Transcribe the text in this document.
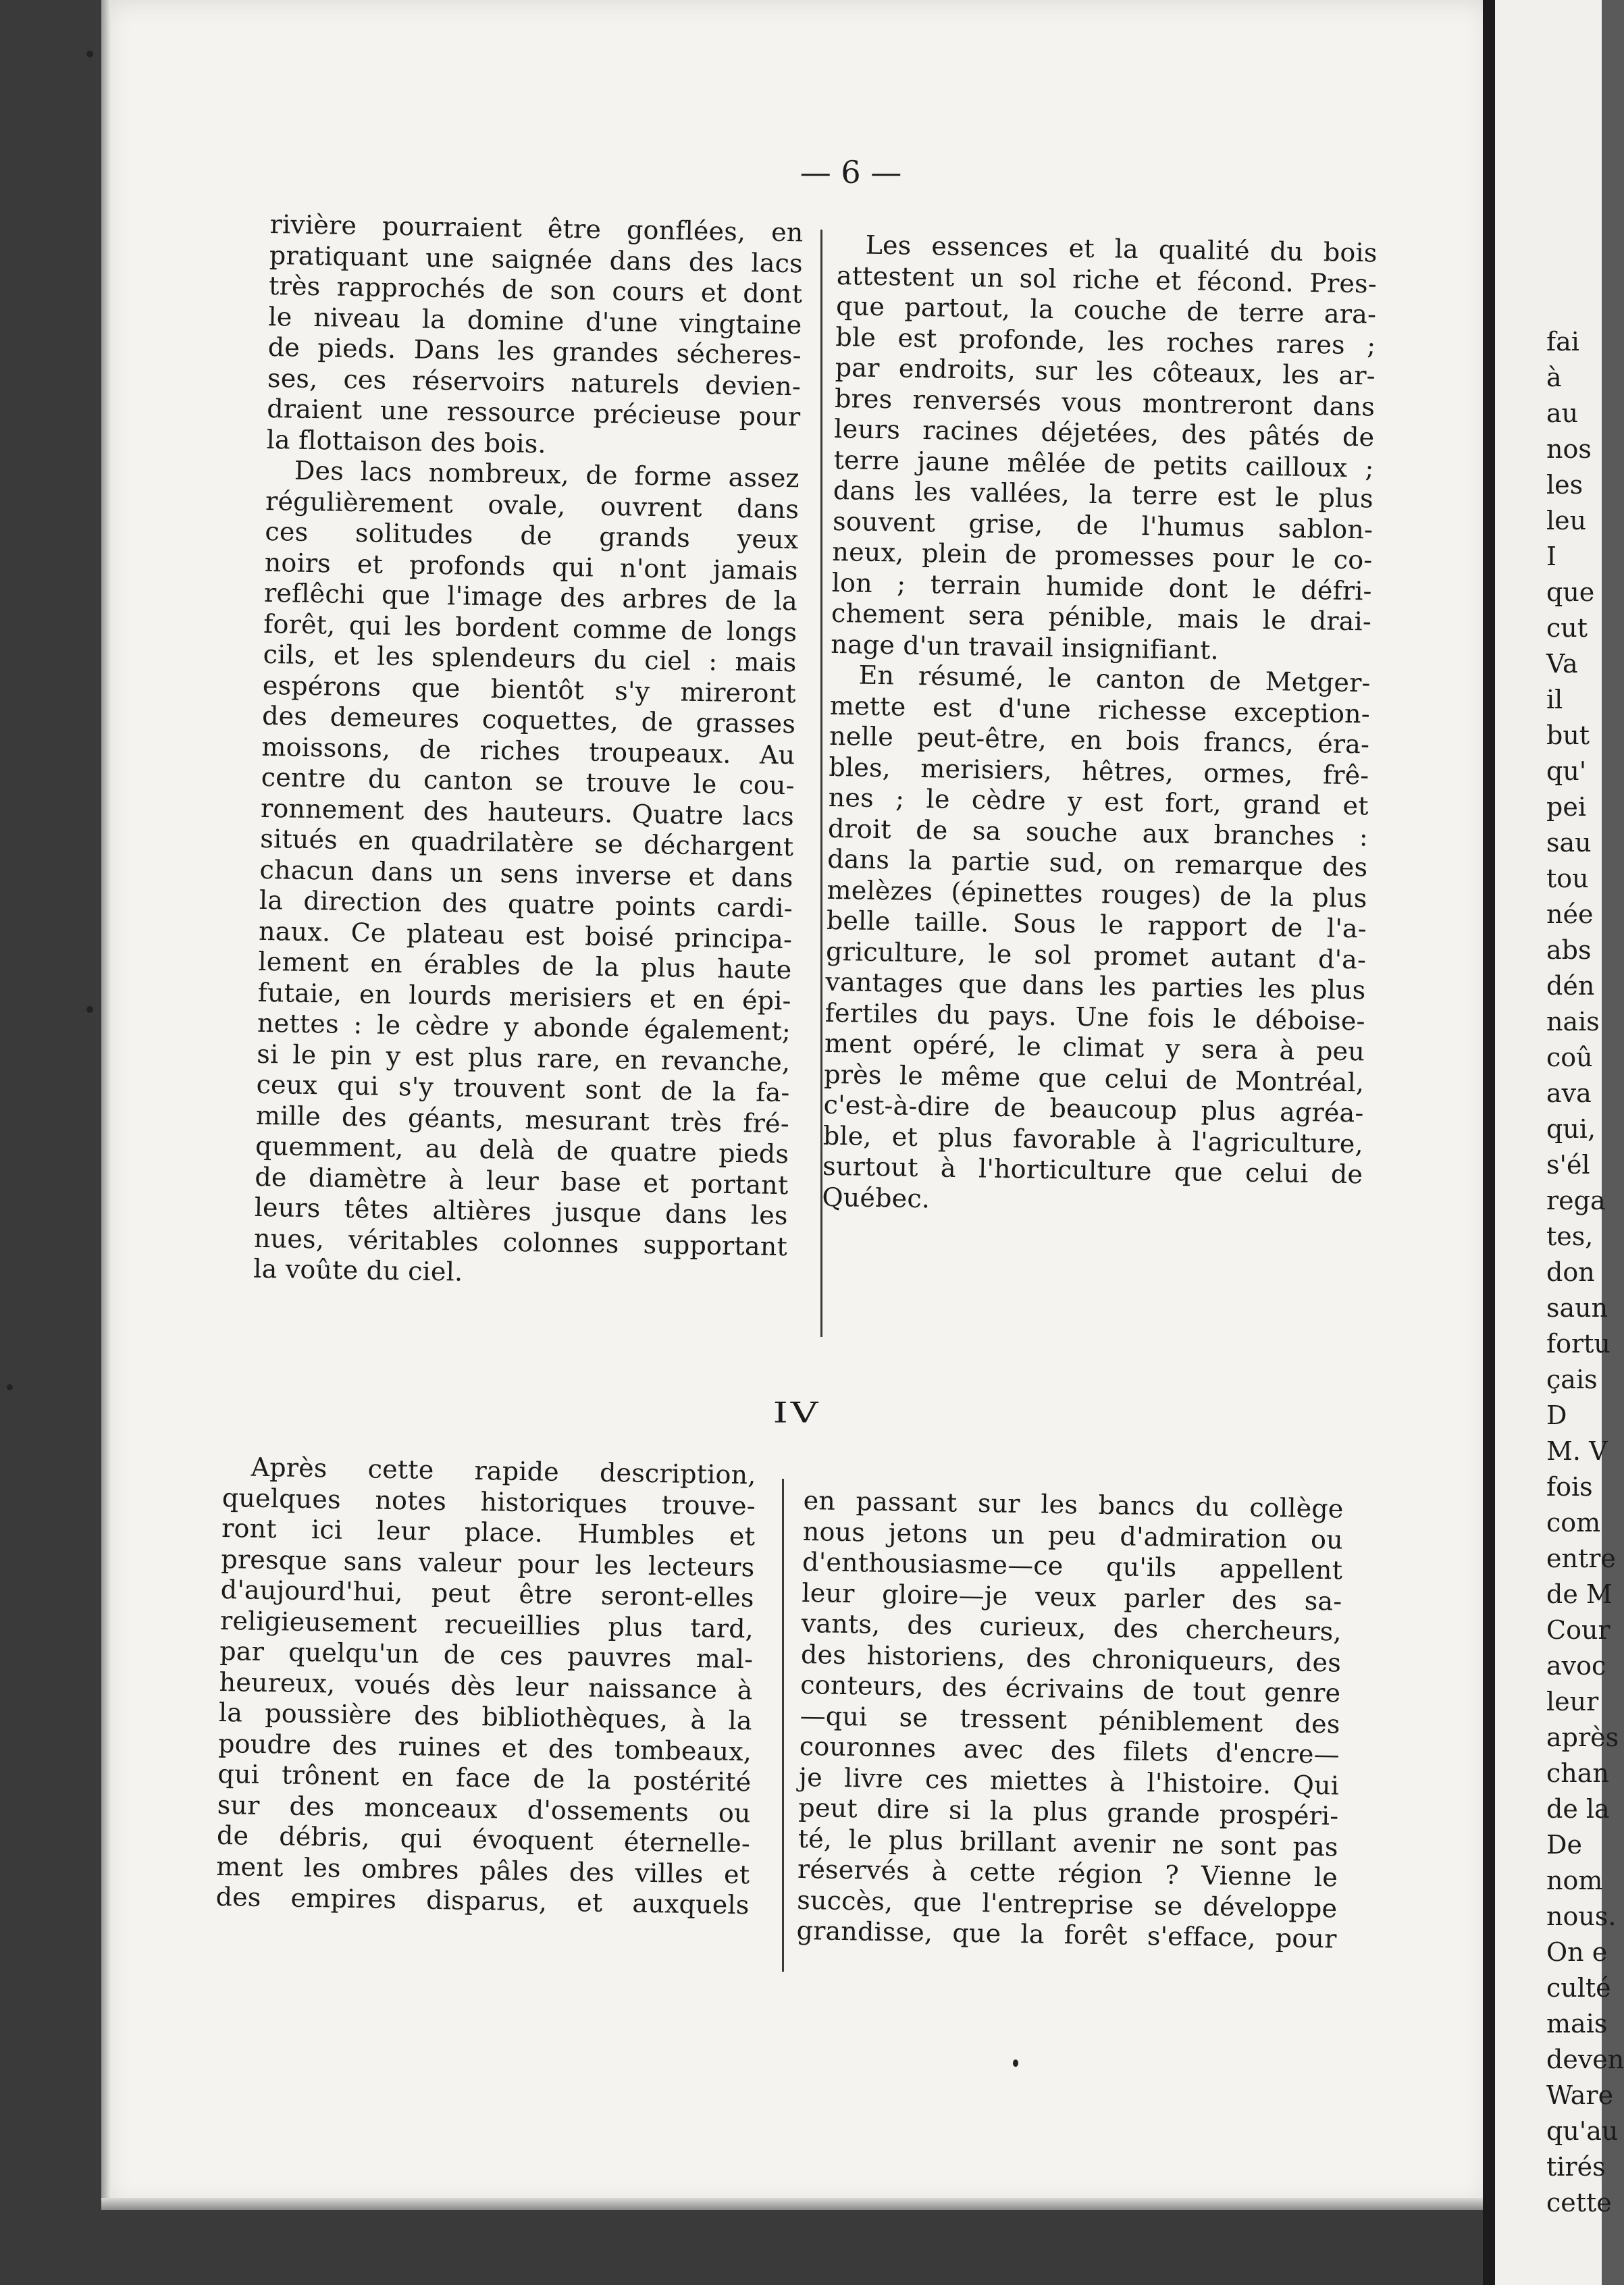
— 6 —
rivière pourraient être gonflées, en
pratiquant une saignée dans des lacs
très rapprochés de son cours et dont
le niveau la domine d'une vingtaine
de pieds. Dans les grandes sécheres-
ses, ces réservoirs naturels devien-
draient une ressource précieuse pour
la flottaison des bois.
Des lacs nombreux, de forme assez
régulièrement ovale, ouvrent dans
ces solitudes de grands yeux
noirs et profonds qui n'ont jamais
reflêchi que l'image des arbres de la
forêt, qui les bordent comme de longs
cils, et les splendeurs du ciel : mais
espérons que bientôt s'y mireront
des demeures coquettes, de grasses
moissons, de riches troupeaux. Au
centre du canton se trouve le cou-
ronnement des hauteurs. Quatre lacs
situés en quadrilatère se déchargent
chacun dans un sens inverse et dans
la direction des quatre points cardi-
naux. Ce plateau est boisé principa-
lement en érables de la plus haute
futaie, en lourds merisiers et en épi-
nettes : le cèdre y abonde également;
si le pin y est plus rare, en revanche,
ceux qui s'y trouvent sont de la fa-
mille des géants, mesurant très fré-
quemment, au delà de quatre pieds
de diamètre à leur base et portant
leurs têtes altières jusque dans les
nues, véritables colonnes supportant
la voûte du ciel.
Les essences et la qualité du bois
attestent un sol riche et fécond. Pres-
que partout, la couche de terre ara-
ble est profonde, les roches rares ;
par endroits, sur les côteaux, les ar-
bres renversés vous montreront dans
leurs racines déjetées, des pâtés de
terre jaune mêlée de petits cailloux ;
dans les vallées, la terre est le plus
souvent grise, de l'humus sablon-
neux, plein de promesses pour le co-
lon ; terrain humide dont le défri-
chement sera pénible, mais le drai-
nage d'un travail insignifiant.
En résumé, le canton de Metger-
mette est d'une richesse exception-
nelle peut-être, en bois francs, éra-
bles, merisiers, hêtres, ormes, frê-
nes ; le cèdre y est fort, grand et
droit de sa souche aux branches :
dans la partie sud, on remarque des
melèzes (épinettes rouges) de la plus
belle taille. Sous le rapport de l'a-
griculture, le sol promet autant d'a-
vantages que dans les parties les plus
fertiles du pays. Une fois le déboise-
ment opéré, le climat y sera à peu
près le même que celui de Montréal,
c'est-à-dire de beaucoup plus agréa-
ble, et plus favorable à l'agriculture,
surtout à l'horticulture que celui de
Québec.
IV
Après cette rapide description,
quelques notes historiques trouve-
ront ici leur place. Humbles et
presque sans valeur pour les lecteurs
d'aujourd'hui, peut être seront-elles
religieusement recueillies plus tard,
par quelqu'un de ces pauvres mal-
heureux, voués dès leur naissance à
la poussière des bibliothèques, à la
poudre des ruines et des tombeaux,
qui trônent en face de la postérité
sur des monceaux d'ossements ou
de débris, qui évoquent éternelle-
ment les ombres pâles des villes et
des empires disparus, et auxquels
en passant sur les bancs du collège
nous jetons un peu d'admiration ou
d'enthousiasme—ce qu'ils appellent
leur gloire—je veux parler des sa-
vants, des curieux, des chercheurs,
des historiens, des chroniqueurs, des
conteurs, des écrivains de tout genre
—qui se tressent péniblement des
couronnes avec des filets d'encre—
je livre ces miettes à l'histoire. Qui
peut dire si la plus grande prospéri-
té, le plus brillant avenir ne sont pas
réservés à cette région ? Vienne le
succès, que l'entreprise se développe
grandisse, que la forêt s'efface, pour
fai
à
au
nos
les
leu
I
que
cut
Va
il
but
qu'
pei
sau
tou
née
abs
dén
nais
coû
ava
qui,
s'él
rega
tes,
don
saun
fortu
çais
D
M. V
fois
com
entre
de M
Cour
avoc
leur
après
chan
de la
De
nom
nous.
On e
culté
mais
deven
Ware
qu'au
tirés
cette
